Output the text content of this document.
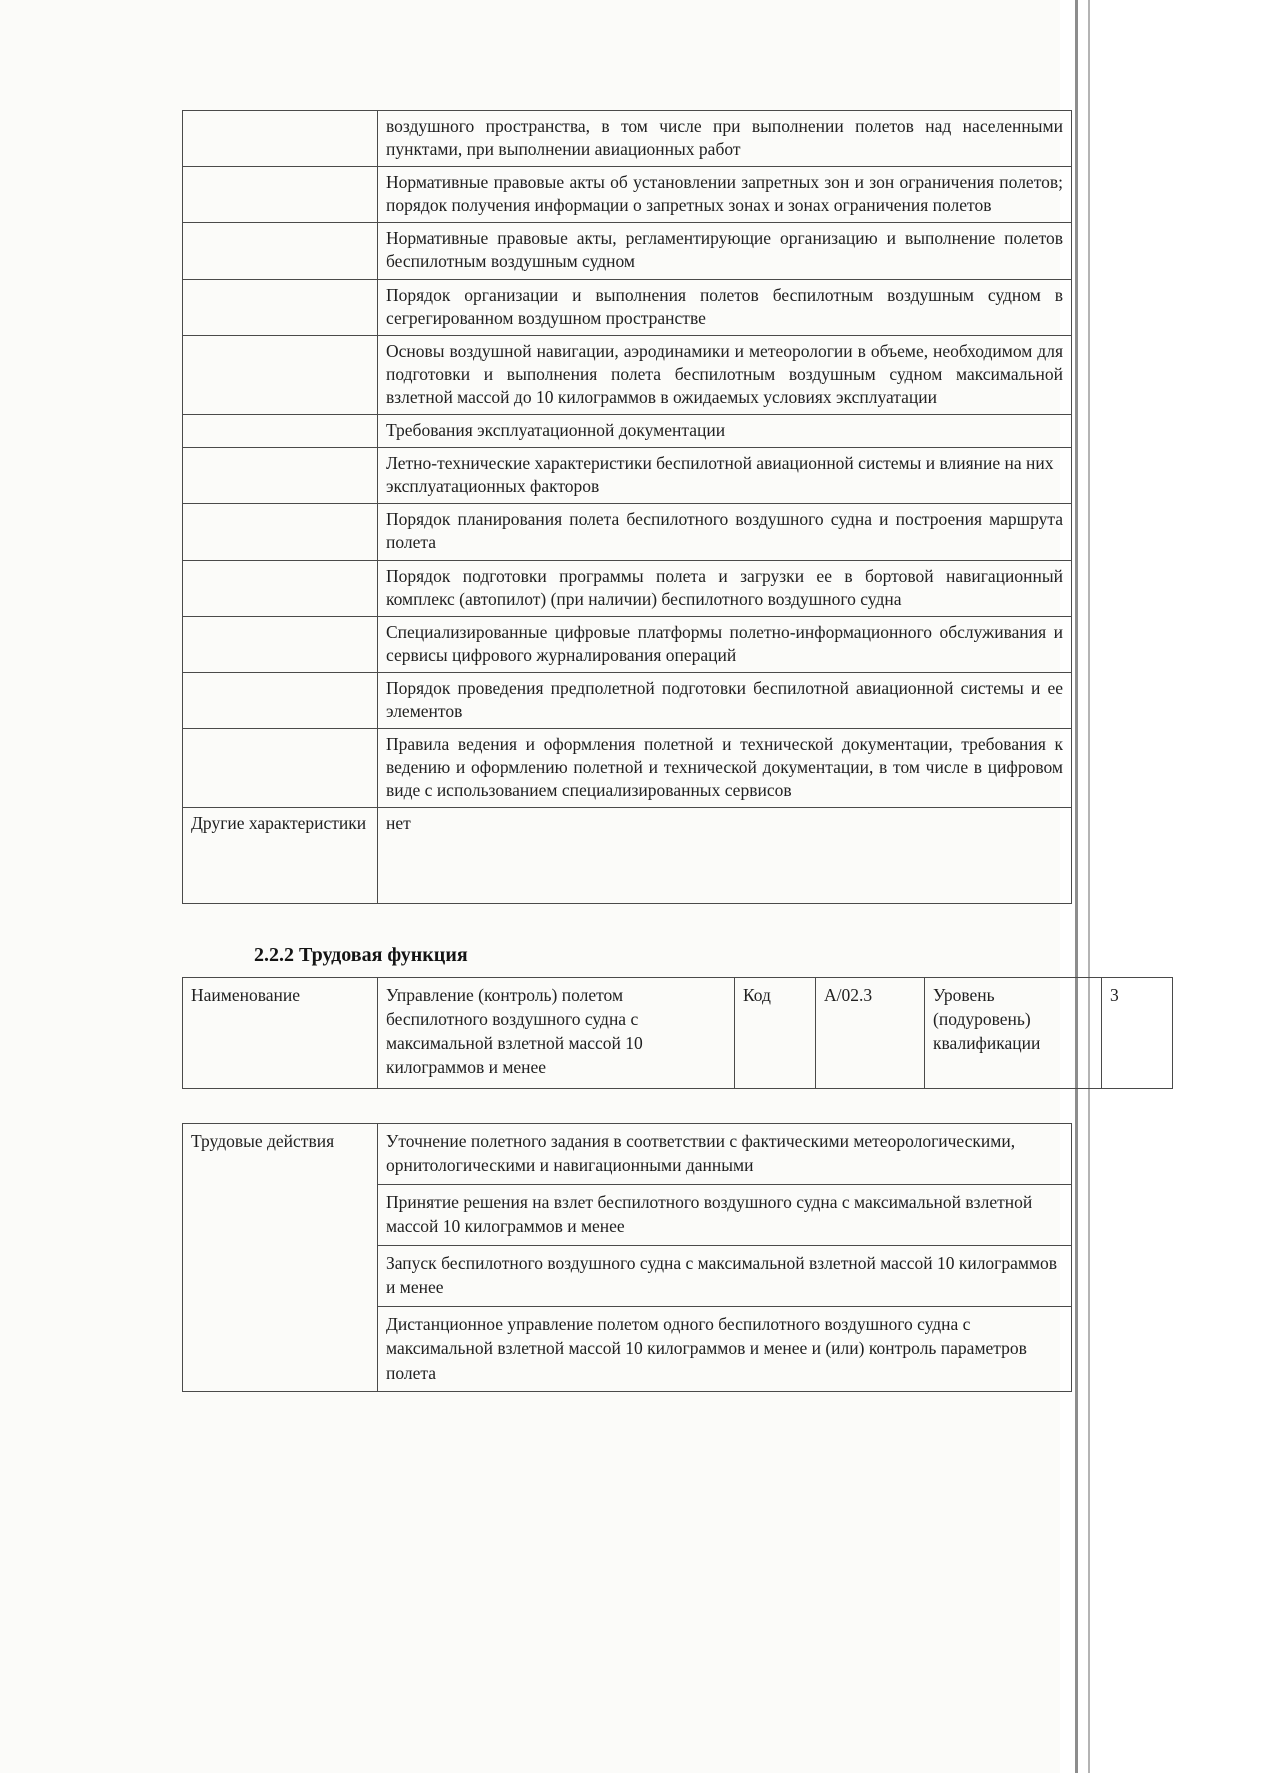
	воздушного пространства, в том числе при выполнении полетов над населенными пунктами, при выполнении авиационных работ
	Нормативные правовые акты об установлении запретных зон и зон ограничения полетов; порядок получения информации о запретных зонах и зонах ограничения полетов
	Нормативные правовые акты, регламентирующие организацию и выполнение полетов беспилотным воздушным судном
	Порядок организации и выполнения полетов беспилотным воздушным судном в сегрегированном воздушном пространстве
	Основы воздушной навигации, аэродинамики и метеорологии в объеме, необходимом для подготовки и выполнения полета беспилотным воздушным судном максимальной взлетной массой до 10 килограммов в ожидаемых условиях эксплуатации
	Требования эксплуатационной документации
	Летно-технические характеристики беспилотной авиационной системы и влияние на них эксплуатационных факторов
	Порядок планирования полета беспилотного воздушного судна и построения маршрута полета
	Порядок подготовки программы полета и загрузки ее в бортовой навигационный комплекс (автопилот) (при наличии) беспилотного воздушного судна
	Специализированные цифровые платформы полетно-информационного обслуживания и сервисы цифрового журналирования операций
	Порядок проведения предполетной подготовки беспилотной авиационной системы и ее элементов
	Правила ведения и оформления полетной и технической документации, требования к ведению и оформлению полетной и технической документации, в том числе в цифровом виде с использованием специализированных сервисов
Другие характеристики	нет
2.2.2 Трудовая функция
Наименование	Управление (контроль) полетом беспилотного воздушного судна с максимальной взлетной массой 10 килограммов и менее	Код	A/02.3	Уровень (подуровень) квалификации	3
Трудовые действия	Уточнение полетного задания в соответствии с фактическими метеорологическими, орнитологическими и навигационными данными
Принятие решения на взлет беспилотного воздушного судна с максимальной взлетной массой 10 килограммов и менее
Запуск беспилотного воздушного судна с максимальной взлетной массой 10 килограммов и менее
Дистанционное управление полетом одного беспилотного воздушного судна с максимальной взлетной массой 10 килограммов и менее и (или) контроль параметров полета
